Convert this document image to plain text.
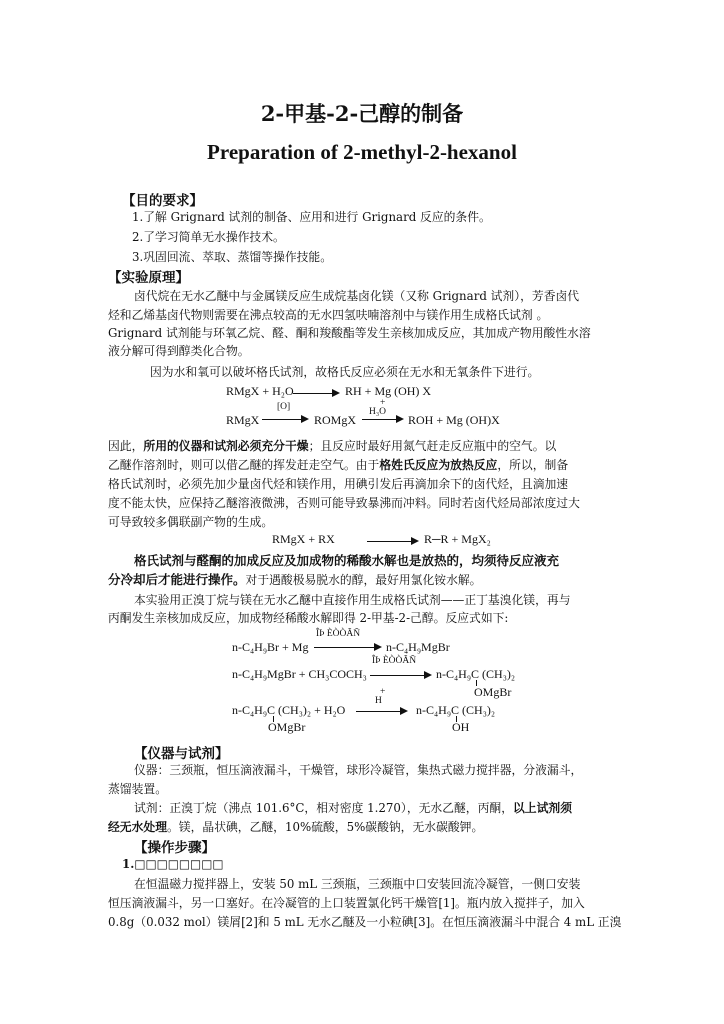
2-甲基-2-己醇的制备
Preparation of 2-methyl-2-hexanol
【目的要求】
1.了解 Grignard 试剂的制备、应用和进行 Grignard 反应的条件。
2.了学习简单无水操作技术。
3.巩固回流、萃取、蒸馏等操作技能。
【实验原理】
卤代烷在无水乙醚中与金属镁反应生成烷基卤化镁（又称 Grignard 试剂），芳香卤代
烃和乙烯基卤代物则需要在沸点较高的无水四氢呋喃溶剂中与镁作用生成格氏试剂 。
Grignard 试剂能与环氧乙烷、醛、酮和羧酸酯等发生亲核加成反应，其加成产物用酸性水溶
液分解可得到醇类化合物。
因为水和氧可以破坏格氏试剂，故格氏反应必须在无水和无氧条件下进行。
RMgX + H₂O → RH + Mg (OH) X
RMgX
[O]
→ ROMgX
+
H₃O
→ ROH + Mg (OH)X
因此，所用的仪器和试剂必须充分干燥；且反应时最好用氮气赶走反应瓶中的空气。以
乙醚作溶剂时，则可以借乙醚的挥发赶走空气。由于格姓氏反应为放热反应，所以，制备
格氏试剂时，必须先加少量卤代烃和镁作用，用碘引发后再滴加余下的卤代烃，且滴加速
度不能太快，应保持乙醚溶液微沸，否则可能导致暴沸而冲料。同时若卤代烃局部浓度过大
可导致较多偶联副产物的生成。
RMgX + RX → R─R + MgX₂
格氏试剂与醛酮的加成反应及加成物的稀酸水解也是放热的，均须待反应液充
分冷却后才能进行操作。对于遇酸极易脱水的醇，最好用氯化铵水解。
本实验用正溴丁烷与镁在无水乙醚中直接作用生成格氏试剂——正丁基溴化镁，再与
丙酮发生亲核加成反应，加成物经稀酸水解即得 2-甲基-2-己醇。反应式如下:
n-C₄H₉Br + Mg
ÎÞ ÈÒÒÃÑ
n-C₄H₉MgBr
n-C₄H₉MgBr + CH₃COCH₃
ÎÞ ÈÒÒÃÑ
→ n-C₄H₉C (CH₃)₂
OMgBr
n-C₄H₉C (CH₃)₂ + H₂O
OMgBr
+
H
→ n-C₄H₉C (CH₃)₂
OH
【仪器与试剂】
仪器：三颈瓶，恒压滴液漏斗，干燥管，球形冷凝管，集热式磁力搅拌器，分液漏斗，
蒸馏装置。
试剂：正溴丁烷（沸点 101.6°C，相对密度 1.270），无水乙醚，丙酮，以上试剂须
经无水处理。镁，晶状碘，乙醚，10%硫酸，5%碳酸钠，无水碳酸钾。
【操作步骤】
1.□□□□□□□□
在恒温磁力搅拌器上，安装 50 mL 三颈瓶，三颈瓶中口安装回流冷凝管，一侧口安装
恒压滴液漏斗，另一口塞好。在冷凝管的上口装置氯化钙干燥管[1]。瓶内放入搅拌子，加入
0.8g（0.032 mol）镁屑[2]和 5 mL 无水乙醚及一小粒碘[3]。在恒压滴液漏斗中混合 4 mL 正溴
